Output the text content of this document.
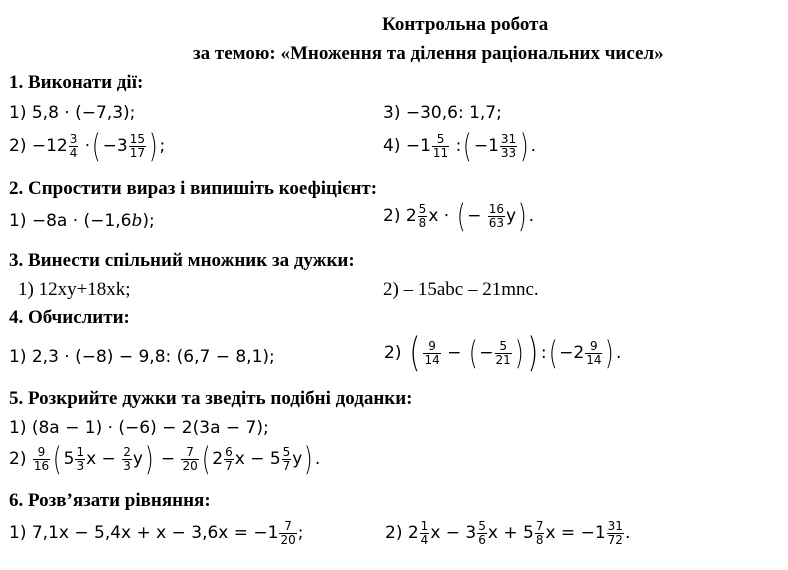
Контрольна робота
за темою: «Множення та ділення раціональних чисел»
1. Виконати дії:
1) 5,8 ⋅ (−7,3);	3) −30,6: 1,7;
$2) -12 \frac{3}{4}$ ⋅( $-3 \frac{15}{17}$ ) ;	$4) -1 \frac{5}{11}$ :( $-1 \frac{31}{33}$ ) .
2. Спростити вираз і випишіть коефіцієнт:
1) −8a ⋅ (−1,6b);	2) $2 \frac{5}{8}$ x ⋅ ( − $\frac{16}{63} y$) .
3. Винести спільний множник за дужки:
1) 12xy+18xk;	2) – 15abc – 21mnc.
4. Обчислити:
1) 2,3 ⋅ (−8) − 9,8: (6,7 − 8,1);	2) ( $\frac{9}{14}$ − ( − $\frac{5}{21}$ ) ) :( $-2 \frac{9}{14}$ ) .
5. Розкрийте дужки та зведіть подібні доданки:
1) (8a − 1) ⋅ (−6) − 2(3a − 7);
$2) \frac{9}{16}$ ( $5 \frac{1}{3}$ $x - \frac{2}{3} y) - \frac{7}{20}$ ( $2 \frac{6}{7}$ $x - 5 \frac{5}{7} y$) .
6. Розв’язати рівняння:
1) $7,1x - 5,4x + x - 3,6x = -1 \frac{7}{20}$ ;	2) $2 \frac{1}{4}$ $x - 3 \frac{5}{6}$ $x + 5 \frac{7}{8}$ $x = -1 \frac{31}{72}$ .
